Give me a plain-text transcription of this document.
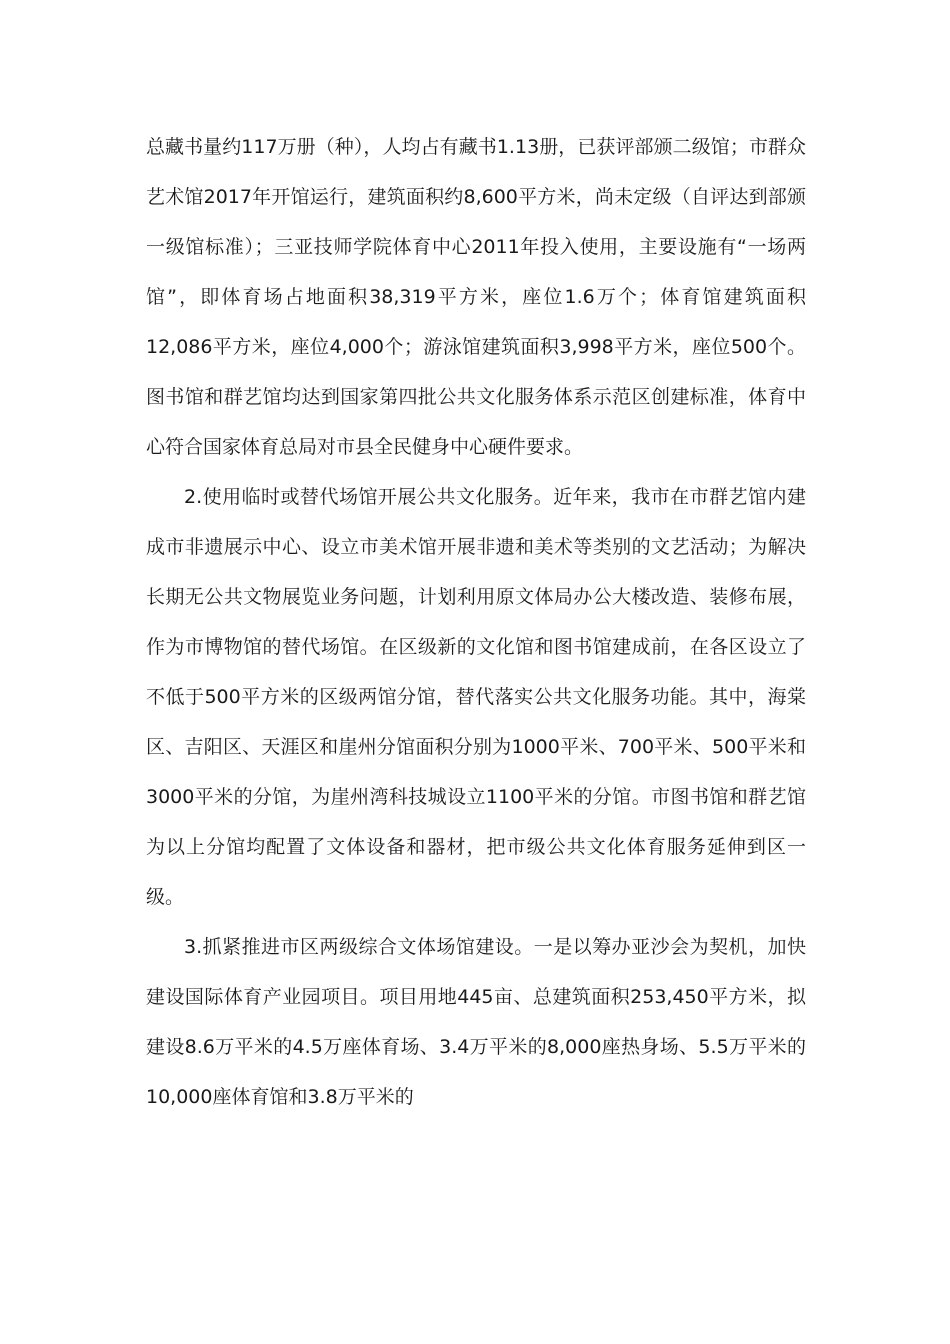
总藏书量约117万册（种），人均占有藏书1.13册，已获评部颁二级馆；市群众艺术馆2017年开馆运行，建筑面积约8,600平方米，尚未定级（自评达到部颁一级馆标准）；三亚技师学院体育中心2011年投入使用，主要设施有“一场两馆”，即体育场占地面积38,319平方米，座位1.6万个；体育馆建筑面积12,086平方米，座位4,000个；游泳馆建筑面积3,998平方米，座位500个。图书馆和群艺馆均达到国家第四批公共文化服务体系示范区创建标准，体育中心符合国家体育总局对市县全民健身中心硬件要求。

2.使用临时或替代场馆开展公共文化服务。近年来，我市在市群艺馆内建成市非遗展示中心、设立市美术馆开展非遗和美术等类别的文艺活动；为解决长期无公共文物展览业务问题，计划利用原文体局办公大楼改造、装修布展，作为市博物馆的替代场馆。在区级新的文化馆和图书馆建成前，在各区设立了不低于500平方米的区级两馆分馆，替代落实公共文化服务功能。其中，海棠区、吉阳区、天涯区和崖州分馆面积分别为1000平米、700平米、500平米和3000平米的分馆，为崖州湾科技城设立1100平米的分馆。市图书馆和群艺馆为以上分馆均配置了文体设备和器材，把市级公共文化体育服务延伸到区一级。

3.抓紧推进市区两级综合文体场馆建设。一是以筹办亚沙会为契机，加快建设国际体育产业园项目。项目用地445亩、总建筑面积253,450平方米，拟建设8.6万平米的4.5万座体育场、3.4万平米的8,000座热身场、5.5万平米的10,000座体育馆和3.8万平米的
